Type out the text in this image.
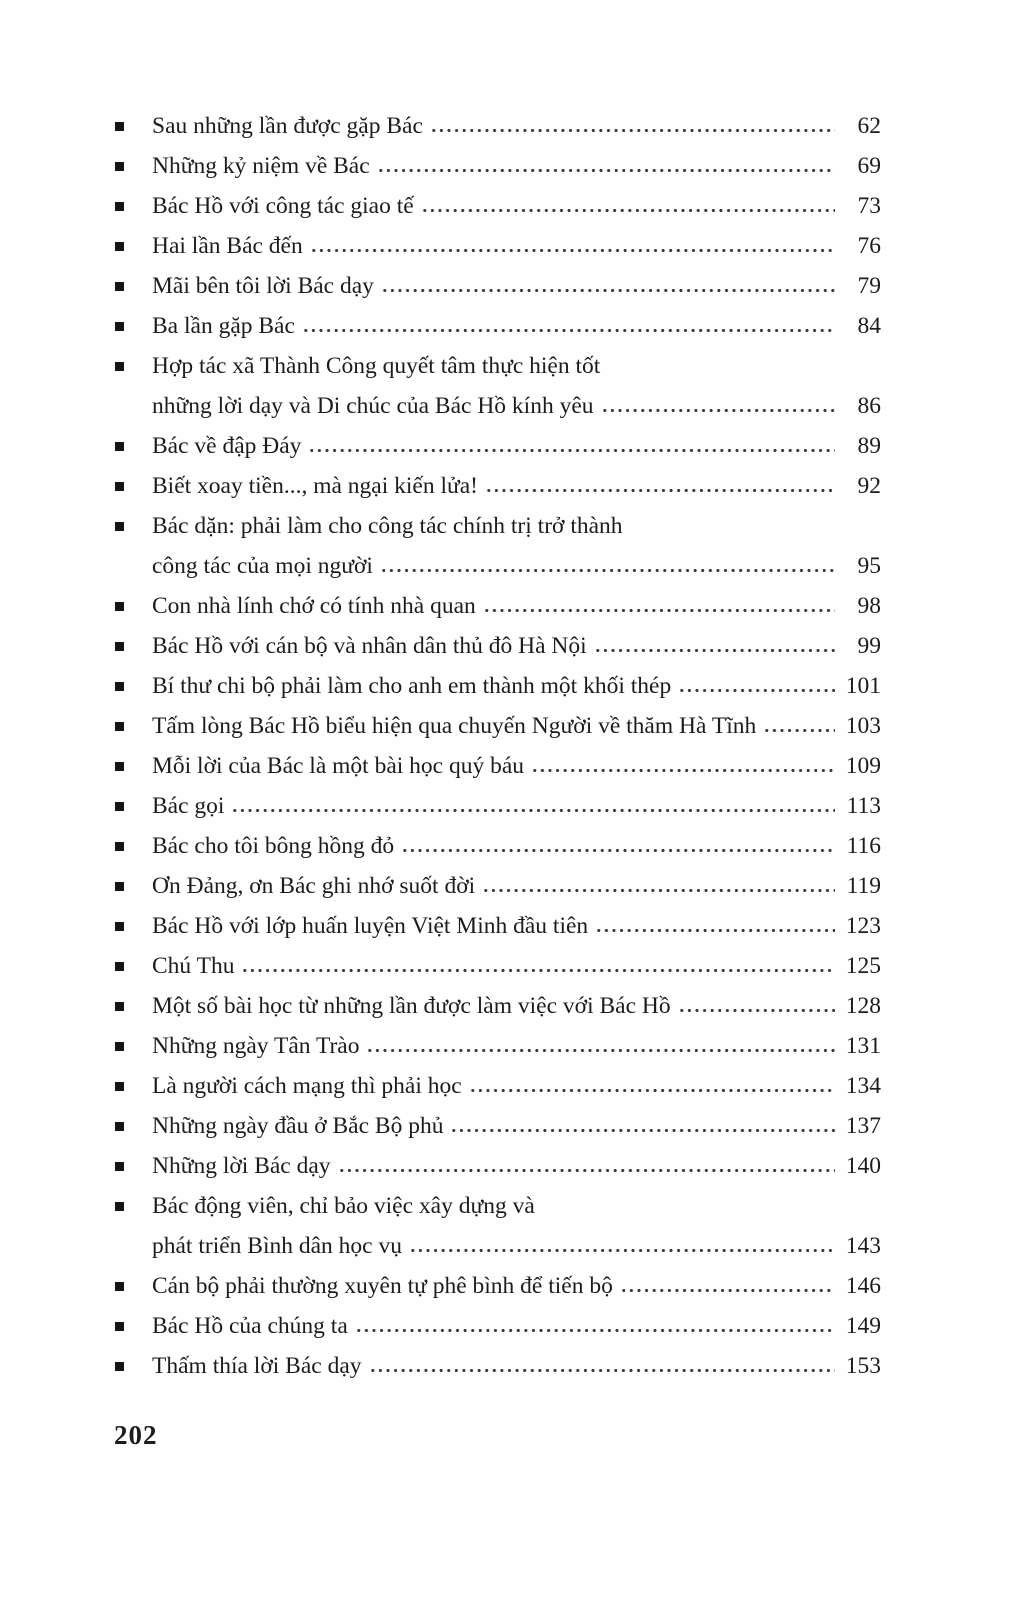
Sau những lần được gặp Bác	62
Những kỷ niệm về Bác	69
Bác Hồ với công tác giao tế	73
Hai lần Bác đến	76
Mãi bên tôi lời Bác dạy	79
Ba lần gặp Bác	84
Hợp tác xã Thành Công quyết tâm thực hiện tốt
những lời dạy và Di chúc của Bác Hồ kính yêu	86
Bác về đập Đáy	89
Biết xoay tiền..., mà ngại kiến lửa!	92
Bác dặn: phải làm cho công tác chính trị trở thành
công tác của mọi người	95
Con nhà lính chớ có tính nhà quan	98
Bác Hồ với cán bộ và nhân dân thủ đô Hà Nội	99
Bí thư chi bộ phải làm cho anh em thành một khối thép	101
Tấm lòng Bác Hồ biểu hiện qua chuyến Người về thăm Hà Tĩnh	103
Mỗi lời của Bác là một bài học quý báu	109
Bác gọi	113
Bác cho tôi bông hồng đỏ	116
Ơn Đảng, ơn Bác ghi nhớ suốt đời	119
Bác Hồ với lớp huấn luyện Việt Minh đầu tiên	123
Chú Thu	125
Một số bài học từ những lần được làm việc với Bác Hồ	128
Những ngày Tân Trào	131
Là người cách mạng thì phải học	134
Những ngày đầu ở Bắc Bộ phủ	137
Những lời Bác dạy	140
Bác động viên, chỉ bảo việc xây dựng và
phát triển Bình dân học vụ	143
Cán bộ phải thường xuyên tự phê bình để tiến bộ	146
Bác Hồ của chúng ta	149
Thấm thía lời Bác dạy	153
202
